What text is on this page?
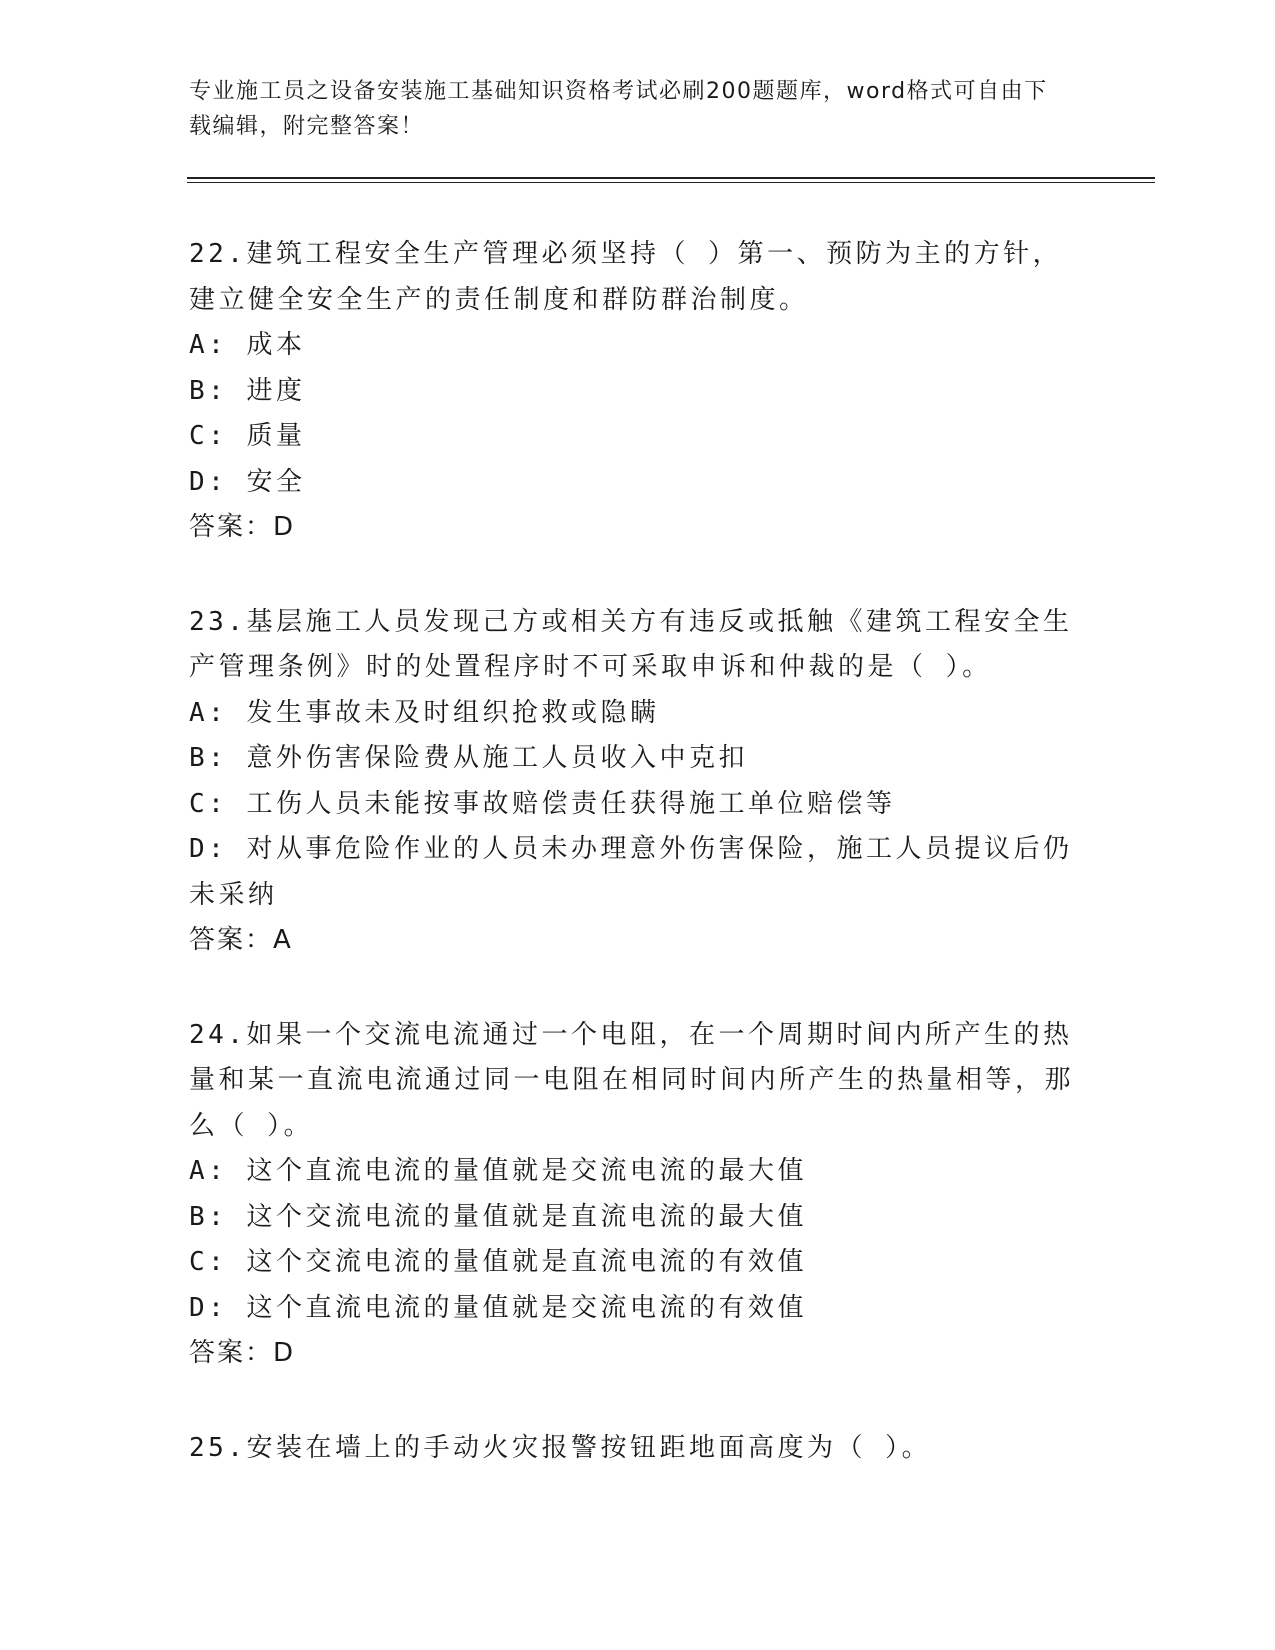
专业施工员之设备安装施工基础知识资格考试必刷200题题库，word格式可自由下载编辑，附完整答案！

22.建筑工程安全生产管理必须坚持（ ）第一、预防为主的方针，建立健全安全生产的责任制度和群防群治制度。

A: 成本

B: 进度

C: 质量

D: 安全

答案：D

23.基层施工人员发现己方或相关方有违反或抵触《建筑工程安全生产管理条例》时的处置程序时不可采取申诉和仲裁的是（ ）。

A: 发生事故未及时组织抢救或隐瞒

B: 意外伤害保险费从施工人员收入中克扣

C: 工伤人员未能按事故赔偿责任获得施工单位赔偿等

D: 对从事危险作业的人员未办理意外伤害保险，施工人员提议后仍未采纳

答案：A

24.如果一个交流电流通过一个电阻，在一个周期时间内所产生的热量和某一直流电流通过同一电阻在相同时间内所产生的热量相等，那么（ ）。

A: 这个直流电流的量值就是交流电流的最大值

B: 这个交流电流的量值就是直流电流的最大值

C: 这个交流电流的量值就是直流电流的有效值

D: 这个直流电流的量值就是交流电流的有效值

答案：D

25.安装在墙上的手动火灾报警按钮距地面高度为（ ）。
